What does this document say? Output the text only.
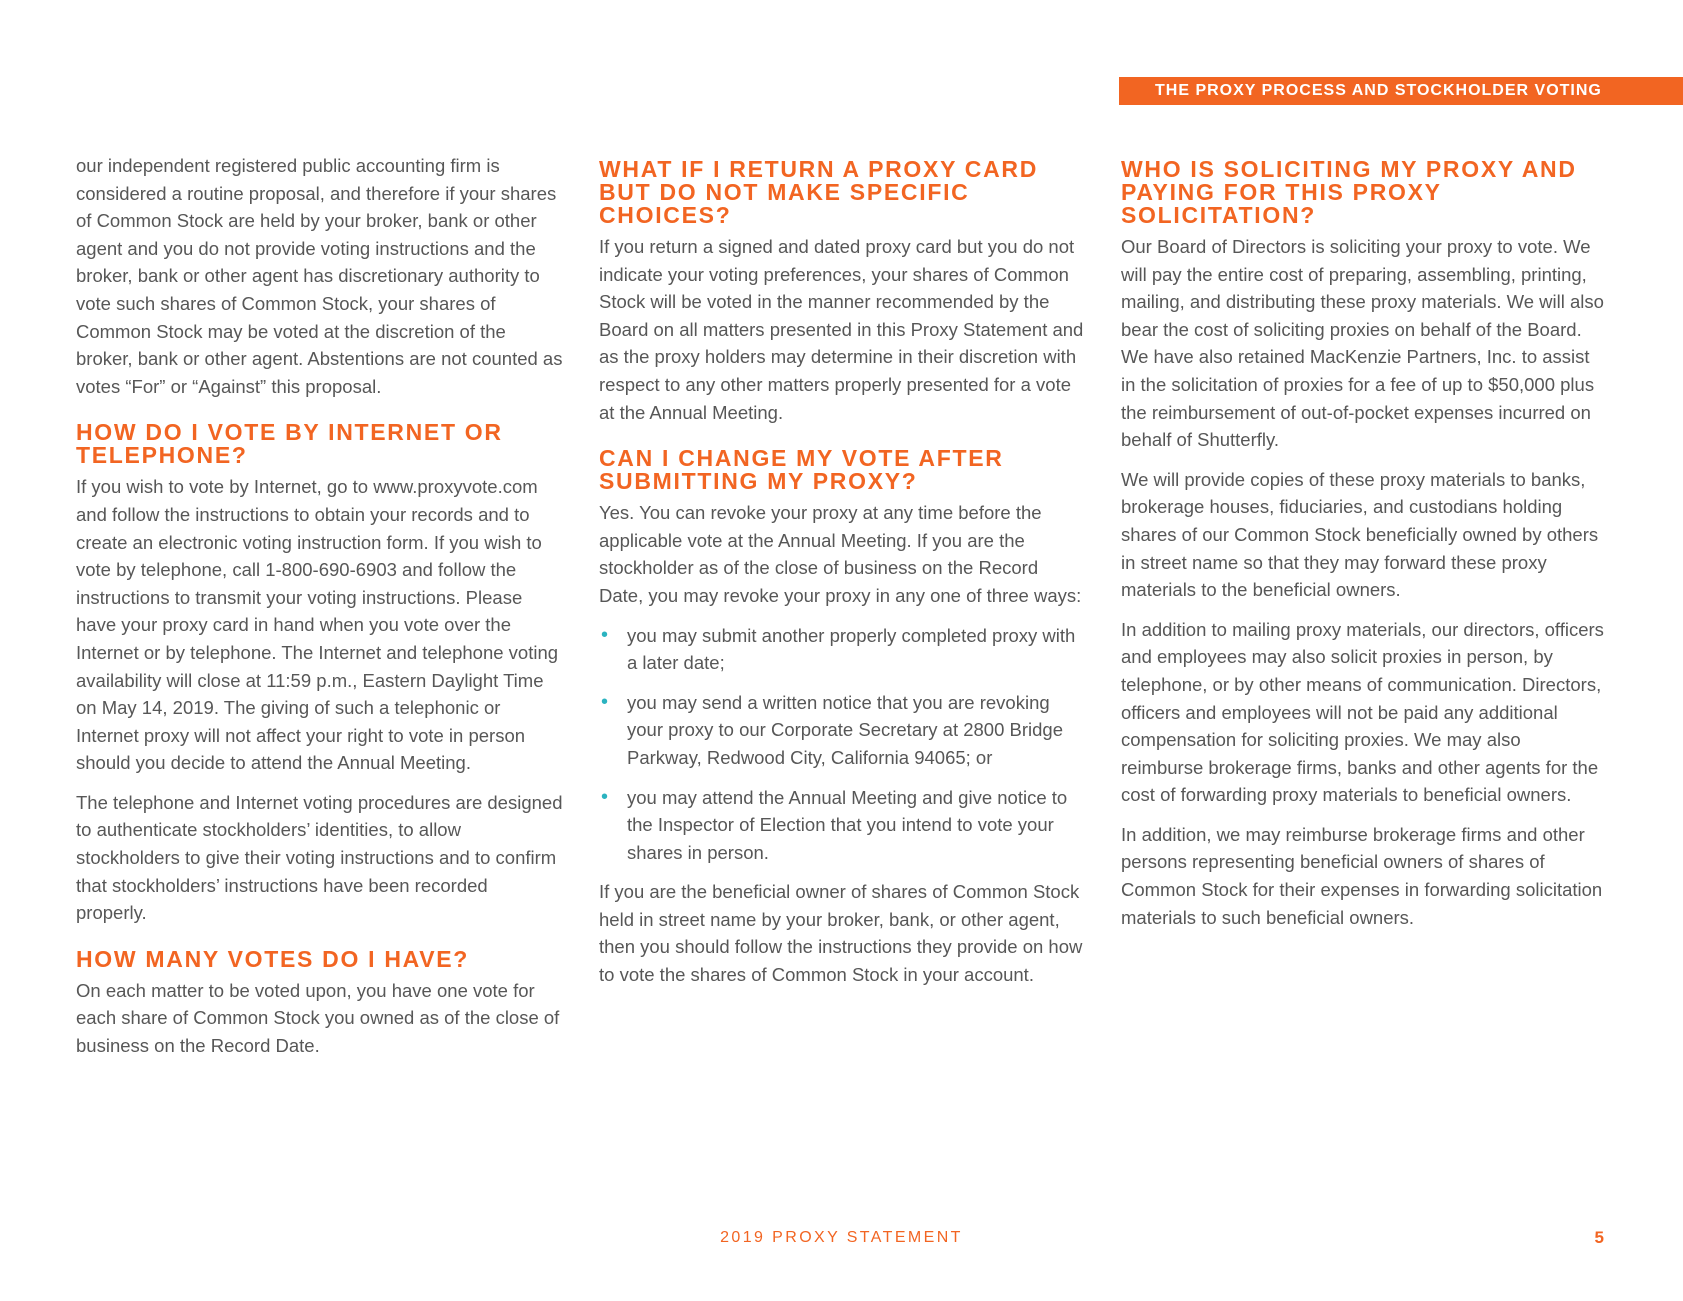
THE PROXY PROCESS AND STOCKHOLDER VOTING

our independent registered public accounting firm is considered a routine proposal, and therefore if your shares of Common Stock are held by your broker, bank or other agent and you do not provide voting instructions and the broker, bank or other agent has discretionary authority to vote such shares of Common Stock, your shares of Common Stock may be voted at the discretion of the broker, bank or other agent. Abstentions are not counted as votes “For” or “Against” this proposal.

HOW DO I VOTE BY INTERNET OR TELEPHONE?

If you wish to vote by Internet, go to www.proxyvote.com and follow the instructions to obtain your records and to create an electronic voting instruction form. If you wish to vote by telephone, call 1-800-690-6903 and follow the instructions to transmit your voting instructions. Please have your proxy card in hand when you vote over the Internet or by telephone. The Internet and telephone voting availability will close at 11:59 p.m., Eastern Daylight Time on May 14, 2019. The giving of such a telephonic or Internet proxy will not affect your right to vote in person should you decide to attend the Annual Meeting.

The telephone and Internet voting procedures are designed to authenticate stockholders’ identities, to allow stockholders to give their voting instructions and to confirm that stockholders’ instructions have been recorded properly.

HOW MANY VOTES DO I HAVE?

On each matter to be voted upon, you have one vote for each share of Common Stock you owned as of the close of business on the Record Date.

WHAT IF I RETURN A PROXY CARD BUT DO NOT MAKE SPECIFIC CHOICES?

If you return a signed and dated proxy card but you do not indicate your voting preferences, your shares of Common Stock will be voted in the manner recommended by the Board on all matters presented in this Proxy Statement and as the proxy holders may determine in their discretion with respect to any other matters properly presented for a vote at the Annual Meeting.

CAN I CHANGE MY VOTE AFTER SUBMITTING MY PROXY?

Yes. You can revoke your proxy at any time before the applicable vote at the Annual Meeting. If you are the stockholder as of the close of business on the Record Date, you may revoke your proxy in any one of three ways:

• you may submit another properly completed proxy with a later date;
• you may send a written notice that you are revoking your proxy to our Corporate Secretary at 2800 Bridge Parkway, Redwood City, California 94065; or
• you may attend the Annual Meeting and give notice to the Inspector of Election that you intend to vote your shares in person.

If you are the beneficial owner of shares of Common Stock held in street name by your broker, bank, or other agent, then you should follow the instructions they provide on how to vote the shares of Common Stock in your account.

WHO IS SOLICITING MY PROXY AND PAYING FOR THIS PROXY SOLICITATION?

Our Board of Directors is soliciting your proxy to vote. We will pay the entire cost of preparing, assembling, printing, mailing, and distributing these proxy materials. We will also bear the cost of soliciting proxies on behalf of the Board. We have also retained MacKenzie Partners, Inc. to assist in the solicitation of proxies for a fee of up to $50,000 plus the reimbursement of out-of-pocket expenses incurred on behalf of Shutterfly.

We will provide copies of these proxy materials to banks, brokerage houses, fiduciaries, and custodians holding shares of our Common Stock beneficially owned by others in street name so that they may forward these proxy materials to the beneficial owners.

In addition to mailing proxy materials, our directors, officers and employees may also solicit proxies in person, by telephone, or by other means of communication. Directors, officers and employees will not be paid any additional compensation for soliciting proxies. We may also reimburse brokerage firms, banks and other agents for the cost of forwarding proxy materials to beneficial owners.

In addition, we may reimburse brokerage firms and other persons representing beneficial owners of shares of Common Stock for their expenses in forwarding solicitation materials to such beneficial owners.

2019 PROXY STATEMENT	5
